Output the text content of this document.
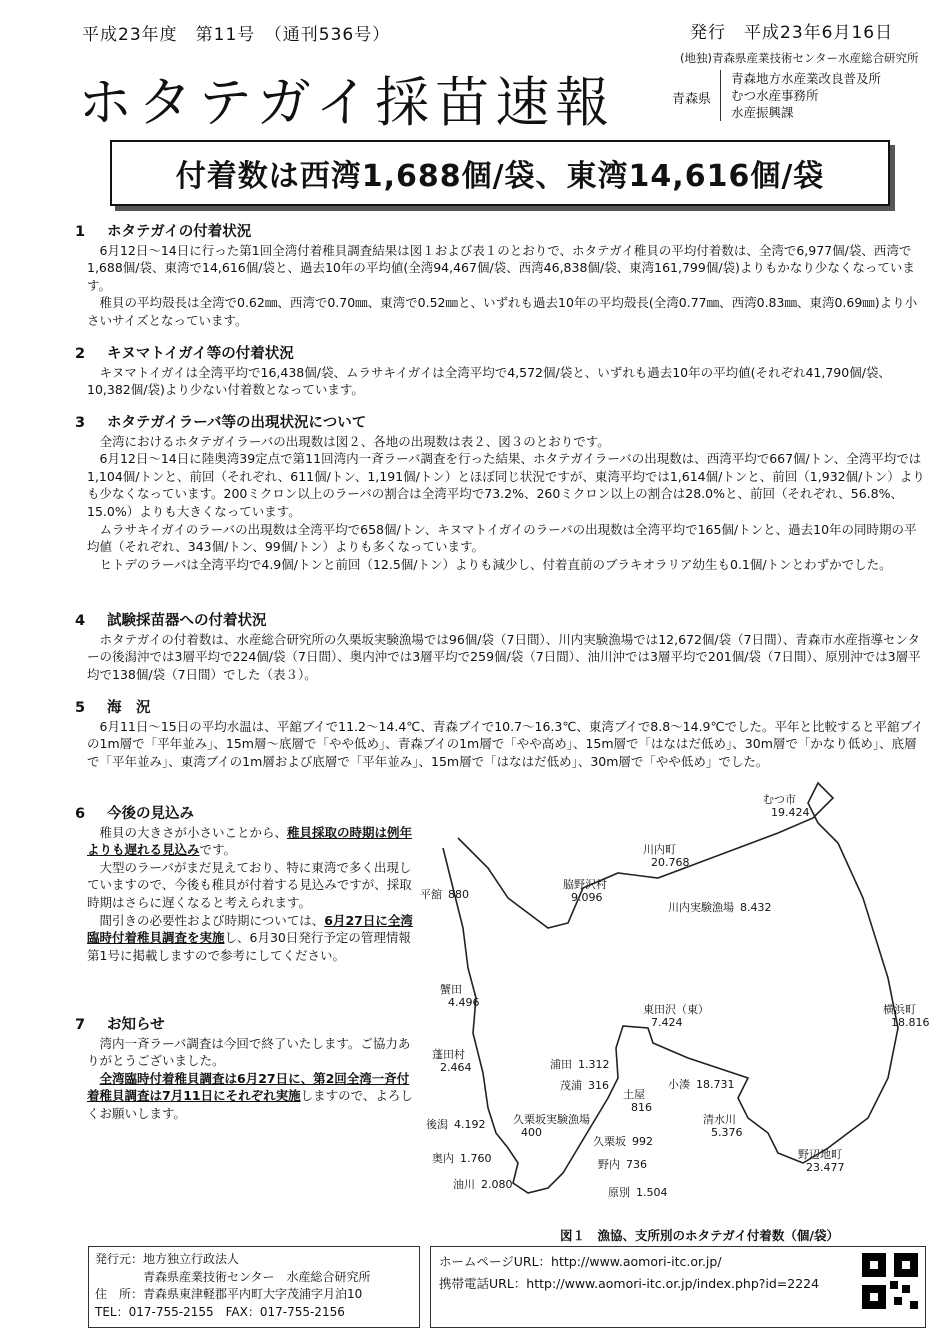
平成23年度　第11号　（通刊536号）	発行　平成23年6月16日
(地独)青森県産業技術センター水産総合研究所
ホタテガイ採苗速報	青森県
青森地方水産業改良普及所
むつ水産事務所
水産振興課
付着数は西湾1,688個/袋、東湾14,616個/袋
1 ホタテガイの付着状況

6月12日～14日に行った第1回全湾付着稚貝調査結果は図１および表１のとおりで、ホタテガイ稚貝の平均付着数は、全湾で6,977個/袋、西湾で1,688個/袋、東湾で14,616個/袋と、過去10年の平均値(全湾94,467個/袋、西湾46,838個/袋、東湾161,799個/袋)よりもかなり少なくなっています。

稚貝の平均殻長は全湾で0.62㎜、西湾で0.70㎜、東湾で0.52㎜と、いずれも過去10年の平均殻長(全湾0.77㎜、西湾0.83㎜、東湾0.69㎜)より小さいサイズとなっています。

2 キヌマトイガイ等の付着状況

キヌマトイガイは全湾平均で16,438個/袋、ムラサキイガイは全湾平均で4,572個/袋と、いずれも過去10年の平均値(それぞれ41,790個/袋、10,382個/袋)より少ない付着数となっています。

3 ホタテガイラーバ等の出現状況について

全湾におけるホタテガイラーバの出現数は図２、各地の出現数は表２、図３のとおりです。

6月12日～14日に陸奥湾39定点で第11回湾内一斉ラーバ調査を行った結果、ホタテガイラーバの出現数は、西湾平均で667個/トン、全湾平均では1,104個/トンと、前回（それぞれ、611個/トン、1,191個/トン）とほぼ同じ状況ですが、東湾平均では1,614個/トンと、前回（1,932個/トン）よりも少なくなっています。200ミクロン以上のラーバの割合は全湾平均で73.2%、260ミクロン以上の割合は28.0%と、前回（それぞれ、56.8%、15.0%）よりも大きくなっています。

ムラサキイガイのラーバの出現数は全湾平均で658個/トン、キヌマトイガイのラーバの出現数は全湾平均で165個/トンと、過去10年の同時期の平均値（それぞれ、343個/トン、99個/トン）よりも多くなっています。

ヒトデのラーバは全湾平均で4.9個/トンと前回（12.5個/トン）よりも減少し、付着直前のブラキオラリア幼生も0.1個/トンとわずかでした。

4 試験採苗器への付着状況

ホタテガイの付着数は、水産総合研究所の久栗坂実験漁場では96個/袋（7日間）、川内実験漁場では12,672個/袋（7日間）、青森市水産指導センターの後潟沖では3層平均で224個/袋（7日間）、奥内沖では3層平均で259個/袋（7日間）、油川沖では3層平均で201個/袋（7日間）、原別沖では3層平均で138個/袋（7日間）でした（表３）。

5 海　況

6月11日～15日の平均水温は、平舘ブイで11.2～14.4℃、青森ブイで10.7～16.3℃、東湾ブイで8.8～14.9℃でした。平年と比較すると平舘ブイの1m層で「平年並み」、15m層～底層で「やや低め」、青森ブイの1m層で「やや高め」、15m層で「はなはだ低め」、30m層で「かなり低め」、底層で「平年並み」、東湾ブイの1m層および底層で「平年並み」、15m層で「はなはだ低め」、30m層で「やや低め」でした。

6 今後の見込み

稚貝の大きさが小さいことから、稚貝採取の時期は例年よりも遅れる見込みです。

大型のラーバがまだ見えており、特に東湾で多く出現していますので、今後も稚貝が付着する見込みですが、採取時期はさらに遅くなると考えられます。

間引きの必要性および時期については、6月27日に全湾臨時付着稚貝調査を実施し、6月30日発行予定の管理情報第1号に掲載しますので参考にしてください。

7 お知らせ

湾内一斉ラーバ調査は今回で終了いたします。ご協力ありがとうございました。

全湾臨時付着稚貝調査は6月27日に、第2回全湾一斉付着稚貝調査は7月11日にそれぞれ実施しますので、よろしくお願いします。

むつ市
19.424
川内町
20.768
脇野沢村
9.096
川内実験漁場 8.432
平舘 880
蟹田
4.496
横浜町
18.816
東田沢（東）
7.424
蓬田村
2.464	浦田 1.312
茂浦 316
土屋
816
小湊 18.731
後潟 4.192	久栗坂実験漁場
400
清水川
5.376
久栗坂 992
奥内 1.760	野内 736
野辺地町
23.477
油川 2.080
原別 1.504
図１　漁協、支所別のホタテガイ付着数（個/袋）
発行元：地方独立行政法人
青森県産業技術センター　水産総合研究所
住　所：青森県東津軽郡平内町大字茂浦字月泊10
TEL：017-755-2155　FAX：017-755-2156
ホームページURL：http://www.aomori-itc.or.jp/
携帯電話URL：http://www.aomori-itc.or.jp/index.php?id=2224
